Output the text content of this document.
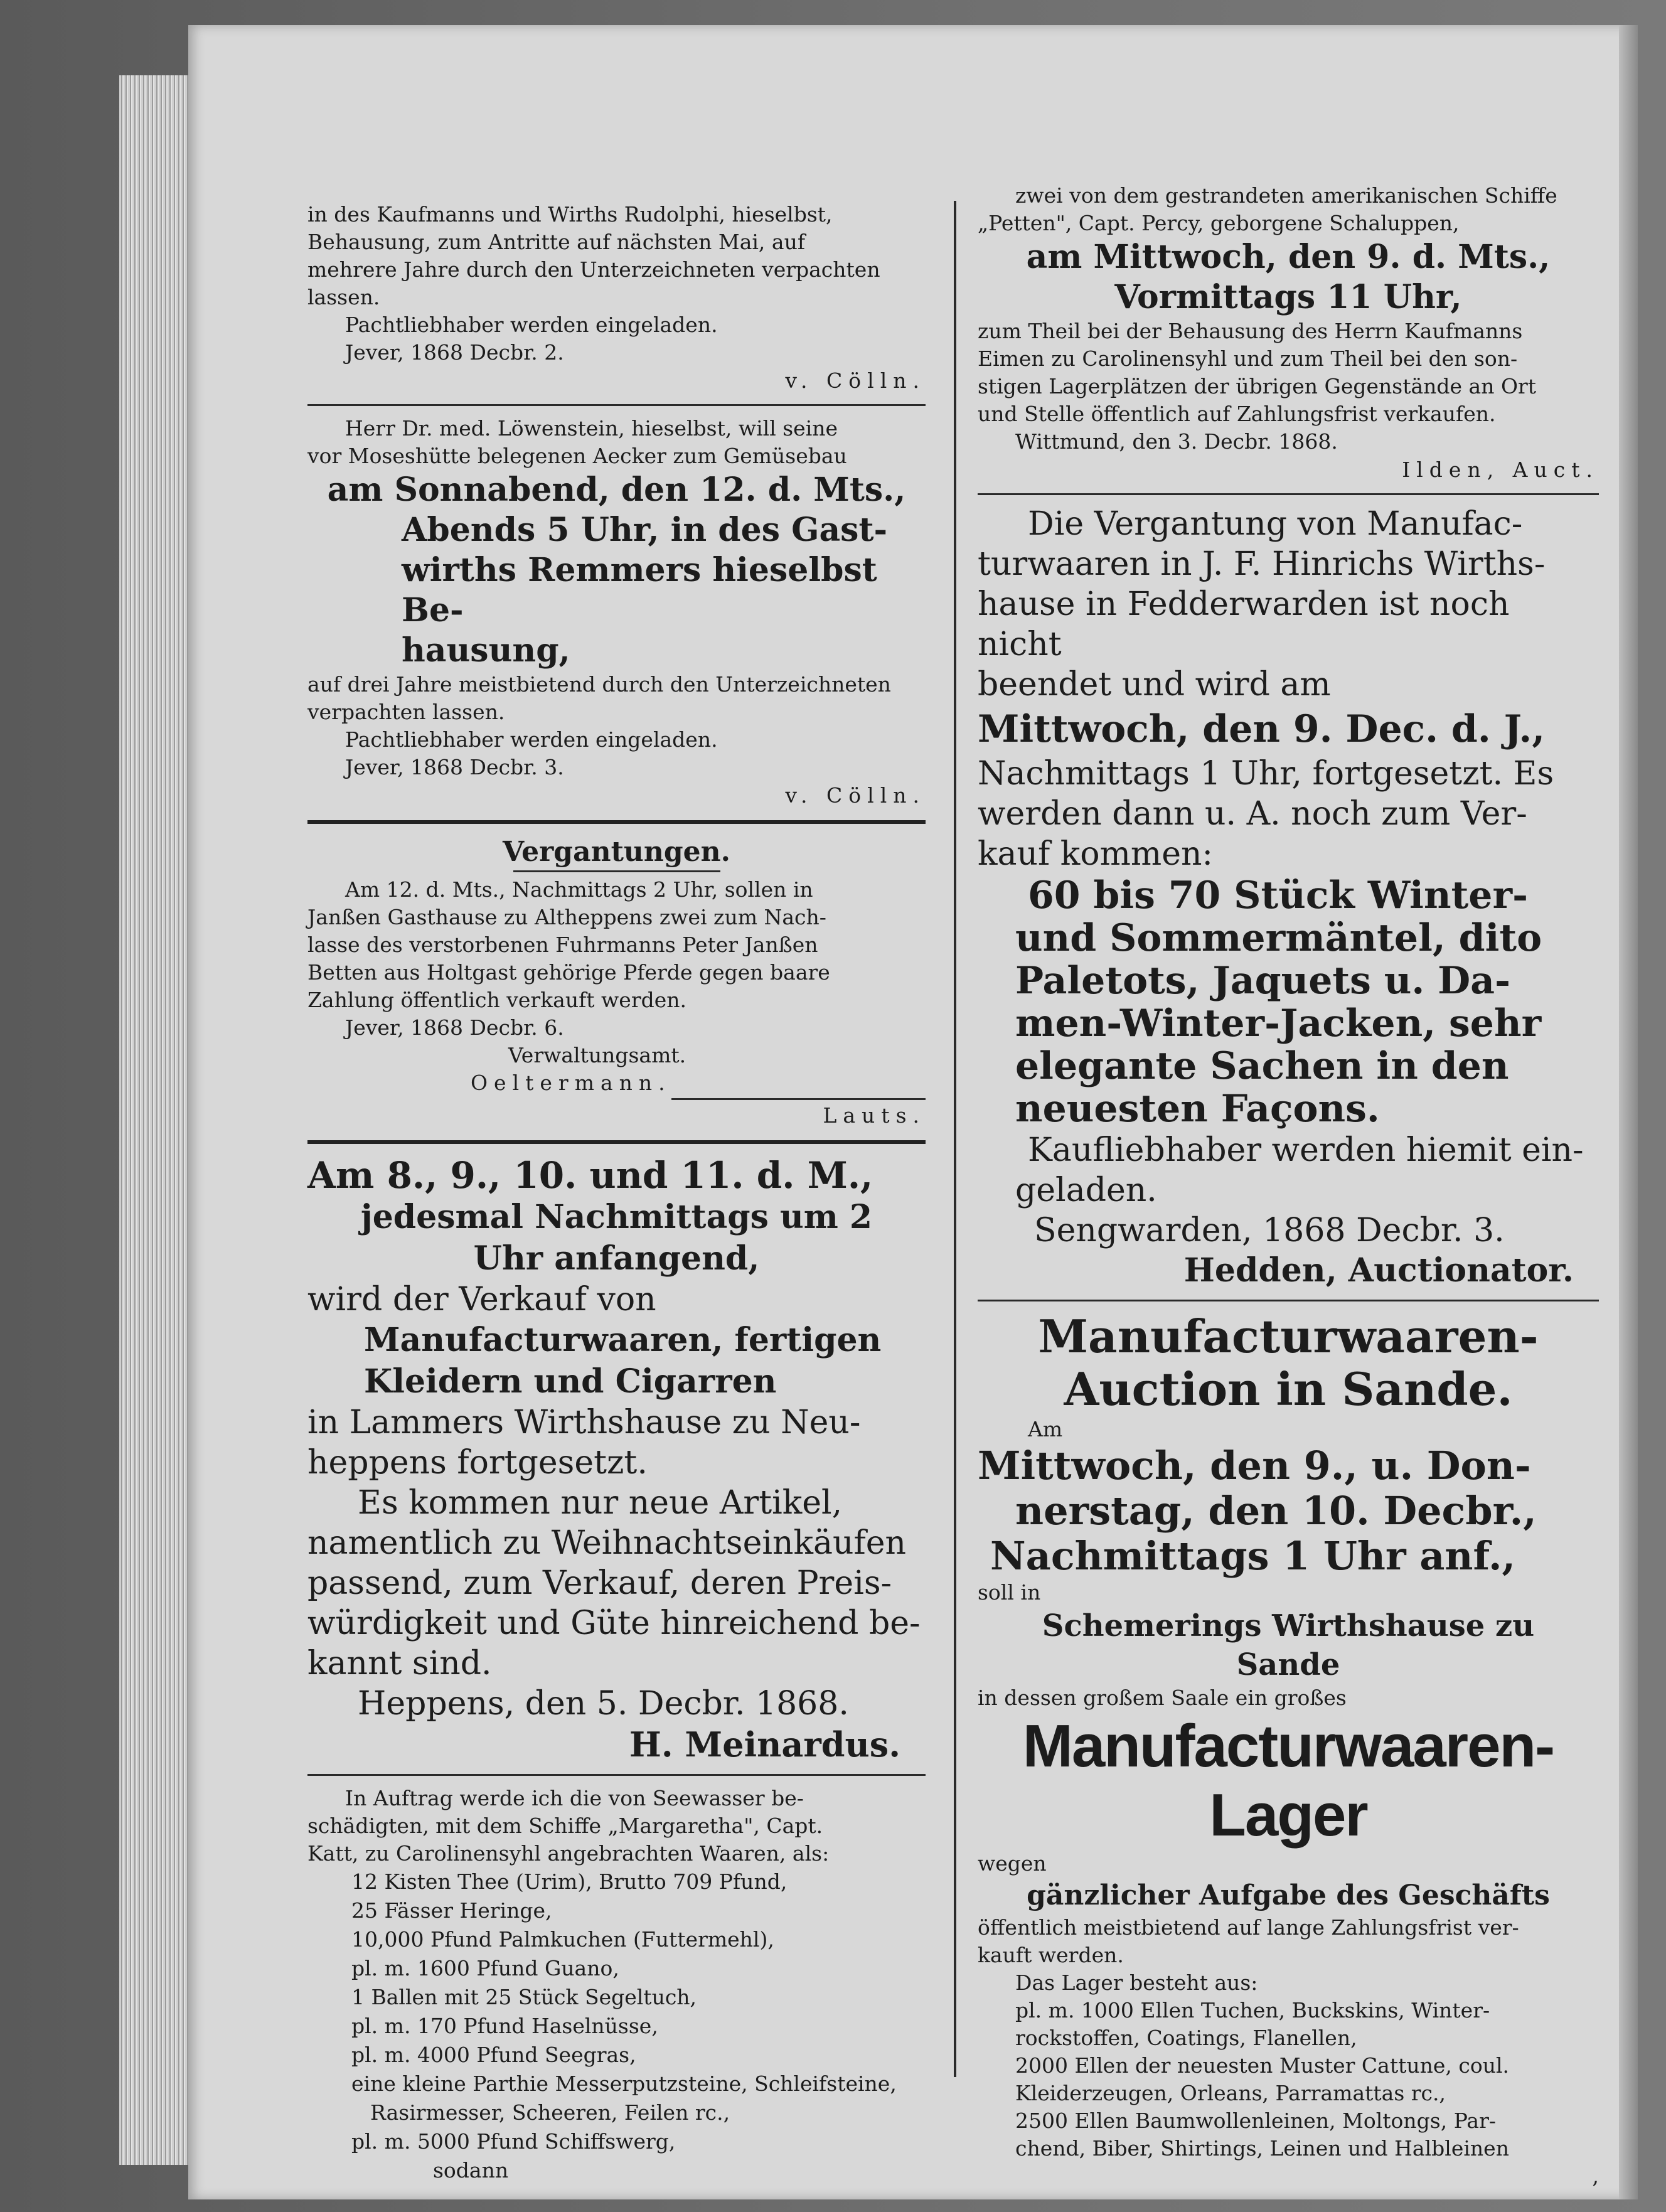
in des Kaufmanns und Wirths Rudolphi, hieselbst,

Behausung, zum Antritte auf nächsten Mai, auf

mehrere Jahre durch den Unterzeichneten verpachten

lassen.

Pachtliebhaber werden eingeladen.

Jever, 1868 Decbr. 2.

v. Cölln.

Herr Dr. med. Löwenstein, hieselbst, will seine

vor Moseshütte belegenen Aecker zum Gemüsebau

am Sonnabend, den 12. d. Mts.,

Abends 5 Uhr, in des Gast-

wirths Remmers hieselbst Be-

hausung,

auf drei Jahre meistbietend durch den Unterzeichneten

verpachten lassen.

Pachtliebhaber werden eingeladen.

Jever, 1868 Decbr. 3.

v. Cölln.

Vergantungen.

Am 12. d. Mts., Nachmittags 2 Uhr, sollen in

Janßen Gasthause zu Altheppens zwei zum Nach-

lasse des verstorbenen Fuhrmanns Peter Janßen

Betten aus Holtgast gehörige Pferde gegen baare

Zahlung öffentlich verkauft werden.

Jever, 1868 Decbr. 6.

Verwaltungsamt.

Oeltermann.

Lauts.

Am 8., 9., 10. und 11. d. M.,

jedesmal Nachmittags um 2

Uhr anfangend,

wird der Verkauf von

Manufacturwaaren, fertigen

Kleidern und Cigarren

in Lammers Wirthshause zu Neu-

heppens fortgesetzt.

Es kommen nur neue Artikel,

namentlich zu Weihnachtseinkäufen

passend, zum Verkauf, deren Preis-

würdigkeit und Güte hinreichend be-

kannt sind.

Heppens, den 5. Decbr. 1868.

H. Meinardus.

In Auftrag werde ich die von Seewasser be-

schädigten, mit dem Schiffe „Margaretha", Capt.

Katt, zu Carolinensyhl angebrachten Waaren, als:

12 Kisten Thee (Urim), Brutto 709 Pfund,

25 Fässer Heringe,

10,000 Pfund Palmkuchen (Futtermehl),

pl. m. 1600 Pfund Guano,

1 Ballen mit 25 Stück Segeltuch,

pl. m. 170 Pfund Haselnüsse,

pl. m. 4000 Pfund Seegras,

eine kleine Parthie Messerputzsteine, Schleifsteine,

Rasirmesser, Scheeren, Feilen rc.,

pl. m. 5000 Pfund Schiffswerg,

sodann

zwei von dem gestrandeten amerikanischen Schiffe

„Petten", Capt. Percy, geborgene Schaluppen,

am Mittwoch, den 9. d. Mts.,

Vormittags 11 Uhr,

zum Theil bei der Behausung des Herrn Kaufmanns

Eimen zu Carolinensyhl und zum Theil bei den son-

stigen Lagerplätzen der übrigen Gegenstände an Ort

und Stelle öffentlich auf Zahlungsfrist verkaufen.

Wittmund, den 3. Decbr. 1868.

Ilden, Auct.

Die Vergantung von Manufac-

turwaaren in J. F. Hinrichs Wirths-

hause in Fedderwarden ist noch nicht

beendet und wird am

Mittwoch, den 9. Dec. d. J.,

Nachmittags 1 Uhr, fortgesetzt. Es

werden dann u. A. noch zum Ver-

kauf kommen:

60 bis 70 Stück Winter-

und Sommermäntel, dito

Paletots, Jaquets u. Da-

men-Winter-Jacken, sehr

elegante Sachen in den

neuesten Façons.

Kaufliebhaber werden hiemit ein-

geladen.

Sengwarden, 1868 Decbr. 3.

Hedden, Auctionator.

Manufacturwaaren-

Auction in Sande.

Am

Mittwoch, den 9., u. Don-

nerstag, den 10. Decbr.,

Nachmittags 1 Uhr anf.,

soll in

Schemerings Wirthshause zu

Sande

in dessen großem Saale ein großes

Manufacturwaaren-Lager

wegen

gänzlicher Aufgabe des Geschäfts

öffentlich meistbietend auf lange Zahlungsfrist ver-

kauft werden.

Das Lager besteht aus:

pl. m. 1000 Ellen Tuchen, Buckskins, Winter-

rockstoffen, Coatings, Flanellen,

2000 Ellen der neuesten Muster Cattune, coul.

Kleiderzeugen, Orleans, Parramattas rc.,

2500 Ellen Baumwollenleinen, Moltongs, Par-

chend, Biber, Shirtings, Leinen und Halbleinen

,
